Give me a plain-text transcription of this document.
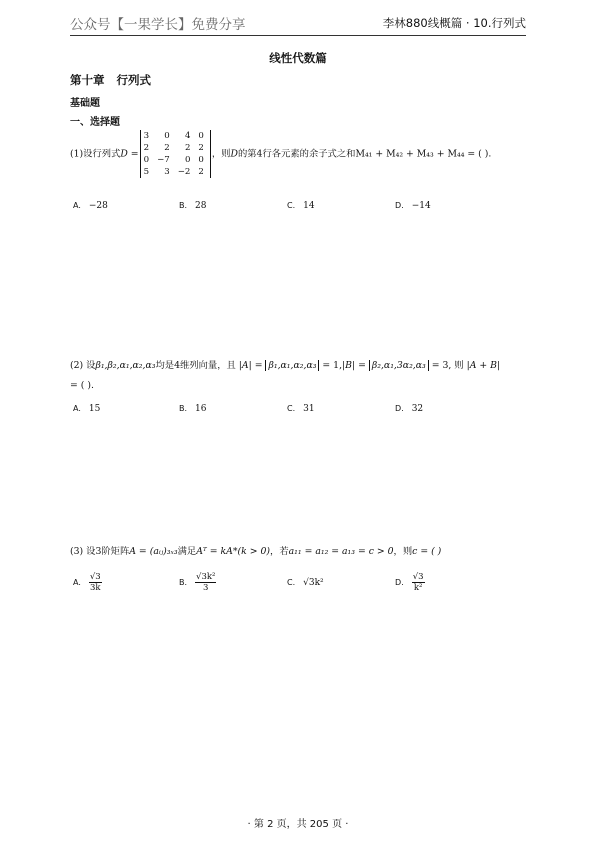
公众号【一果学长】免费分享	李林880线概篇 · 10.行列式
线性代数篇
第十章 行列式
基础题
一、选择题
(1)设行列式D =
3	0	4	0
2	2	2	2
0	−7	0	0
5	3	−2	2
，则D的第4行各元素的余子式之和M₄₁ + M₄₂ + M₄₃ + M₄₄ = ( ).
A. −28	B. 28	C. 14	D. −14
(2) 设β₁,β₂,α₁,α₂,α₃均是4维列向量，且 |A| = β₁,α₁,α₂,α₃ = 1,|B| = β₂,α₁,3α₂,α₃ = 3, 则 |A + B|
= ( ).
A. 15	B. 16	C. 31	D. 32
(3) 设3阶矩阵A = (aᵢⱼ)₃ₓ₃满足Aᵀ = kA*(k > 0)，若a₁₁ = a₁₂ = a₁₃ = c > 0，则c = ( )
A. $\frac{√3}{3k}$	B. $\frac{\text{√3k²}}{3}$	C. √3k²	D. $\frac{√3}{\text{k²}}$
· 第 2 页，共 205 页 ·
